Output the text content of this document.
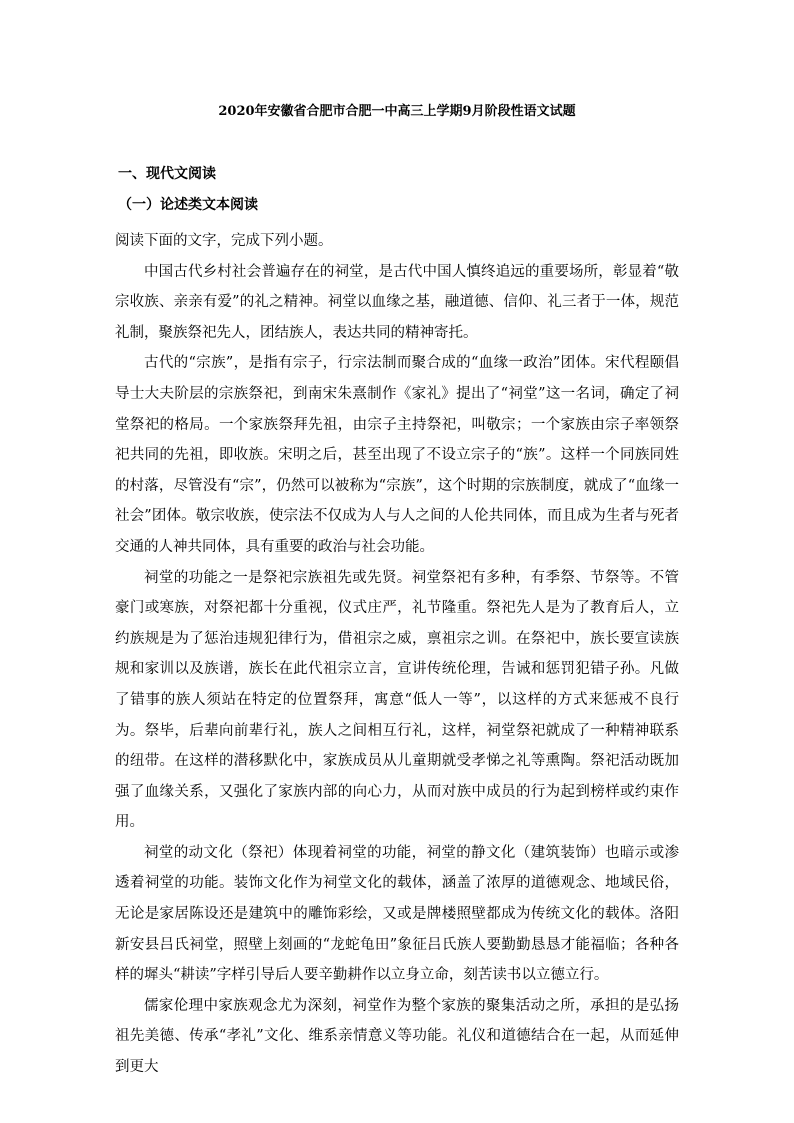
2020年安徽省合肥市合肥一中高三上学期9月阶段性语文试题
一、现代文阅读
（一）论述类文本阅读

阅读下面的文字，完成下列小题。

中国古代乡村社会普遍存在的祠堂，是古代中国人慎终追远的重要场所，彰显着“敬宗收族、亲亲有爱”的礼之精神。祠堂以血缘之基，融道德、信仰、礼三者于一体，规范礼制，聚族祭祀先人，团结族人，表达共同的精神寄托。

古代的“宗族”，是指有宗子，行宗法制而聚合成的“血缘一政治”团体。宋代程颐倡导士大夫阶层的宗族祭祀，到南宋朱熹制作《家礼》提出了“祠堂”这一名词，确定了祠堂祭祀的格局。一个家族祭拜先祖，由宗子主持祭祀，叫敬宗；一个家族由宗子率领祭祀共同的先祖，即收族。宋明之后，甚至出现了不设立宗子的“族”。这样一个同族同姓的村落，尽管没有“宗”，仍然可以被称为“宗族”，这个时期的宗族制度，就成了“血缘一社会”团体。敬宗收族，使宗法不仅成为人与人之间的人伦共同体，而且成为生者与死者交通的人神共同体，具有重要的政治与社会功能。

祠堂的功能之一是祭祀宗族祖先或先贤。祠堂祭祀有多种，有季祭、节祭等。不管豪门或寒族，对祭祀都十分重视，仪式庄严，礼节隆重。祭祀先人是为了教育后人，立约族规是为了惩治违规犯律行为，借祖宗之威，禀祖宗之训。在祭祀中，族长要宣读族规和家训以及族谱，族长在此代祖宗立言，宣讲传统伦理，告诫和惩罚犯错子孙。凡做了错事的族人须站在特定的位置祭拜，寓意“低人一等”，以这样的方式来惩戒不良行为。祭毕，后辈向前辈行礼，族人之间相互行礼，这样，祠堂祭祀就成了一种精神联系的纽带。在这样的潜移默化中，家族成员从儿童期就受孝悌之礼等熏陶。祭祀活动既加强了血缘关系，又强化了家族内部的向心力，从而对族中成员的行为起到榜样或约束作用。

祠堂的动文化（祭祀）体现着祠堂的功能，祠堂的静文化（建筑装饰）也暗示或渗透着祠堂的功能。装饰文化作为祠堂文化的载体，涵盖了浓厚的道德观念、地域民俗，无论是家居陈设还是建筑中的雕饰彩绘，又或是牌楼照壁都成为传统文化的载体。洛阳新安县吕氏祠堂，照壁上刻画的“龙蛇龟田”象征吕氏族人要勤勤恳恳才能福临；各种各样的墀头“耕读”字样引导后人要辛勤耕作以立身立命，刻苦读书以立德立行。

儒家伦理中家族观念尤为深刻，祠堂作为整个家族的聚集活动之所，承担的是弘扬祖先美德、传承“孝礼”文化、维系亲情意义等功能。礼仪和道德结合在一起，从而延伸到更大
